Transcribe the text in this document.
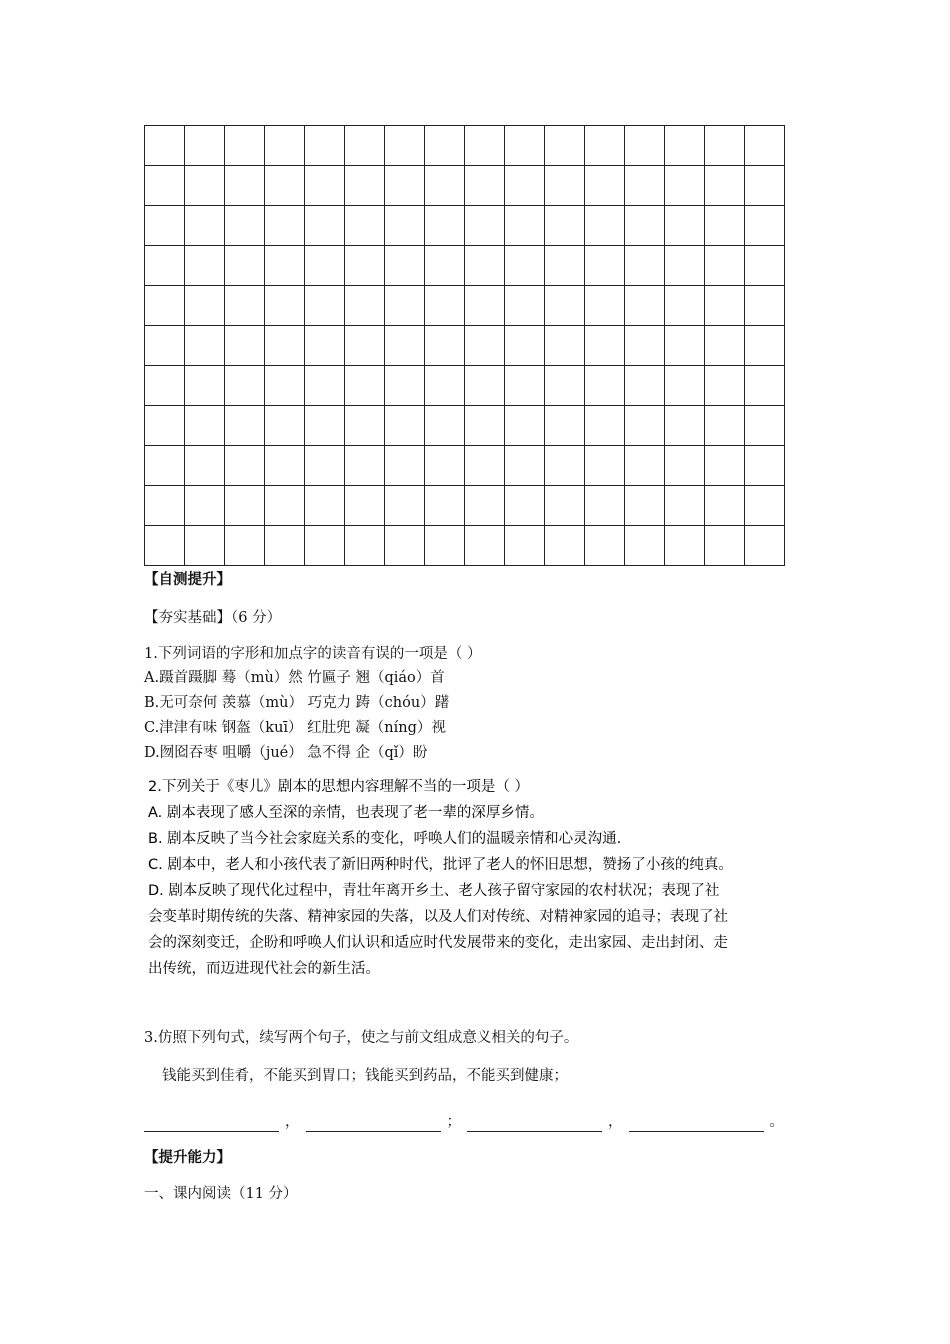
【自测提升】
【夯实基础】（6 分）
1.下列词语的字形和加点字的读音有误的一项是（ ）
A.蹑首蹑脚 蓦（mù）然 竹匾子 翘（qiáo）首
B.无可奈何 羡慕（mù） 巧克力 踌（chóu）躇
C.津津有味 钢盔（kuī） 红肚兜 凝（níng）视
D.囫囵吞枣 咀嚼（jué） 急不得 企（qǐ）盼
2.下列关于《枣儿》剧本的思想内容理解不当的一项是（ ）
A. 剧本表现了感人至深的亲情，也表现了老一辈的深厚乡情。
B. 剧本反映了当今社会家庭关系的变化，呼唤人们的温暖亲情和心灵沟通.
C. 剧本中，老人和小孩代表了新旧两种时代，批评了老人的怀旧思想，赞扬了小孩的纯真。
D. 剧本反映了现代化过程中，青壮年离开乡土、老人孩子留守家园的农村状况；表现了社
会变革时期传统的失落、精神家园的失落，以及人们对传统、对精神家园的追寻；表现了社
会的深刻变迁，企盼和呼唤人们认识和适应时代发展带来的变化，走出家园、走出封闭、走
出传统，而迈进现代社会的新生活。
3.仿照下列句式，续写两个句子，使之与前文组成意义相关的句子。
钱能买到佳肴，不能买到胃口；钱能买到药品，不能买到健康；
，	；	，	。
【提升能力】
一、课内阅读（11 分）
